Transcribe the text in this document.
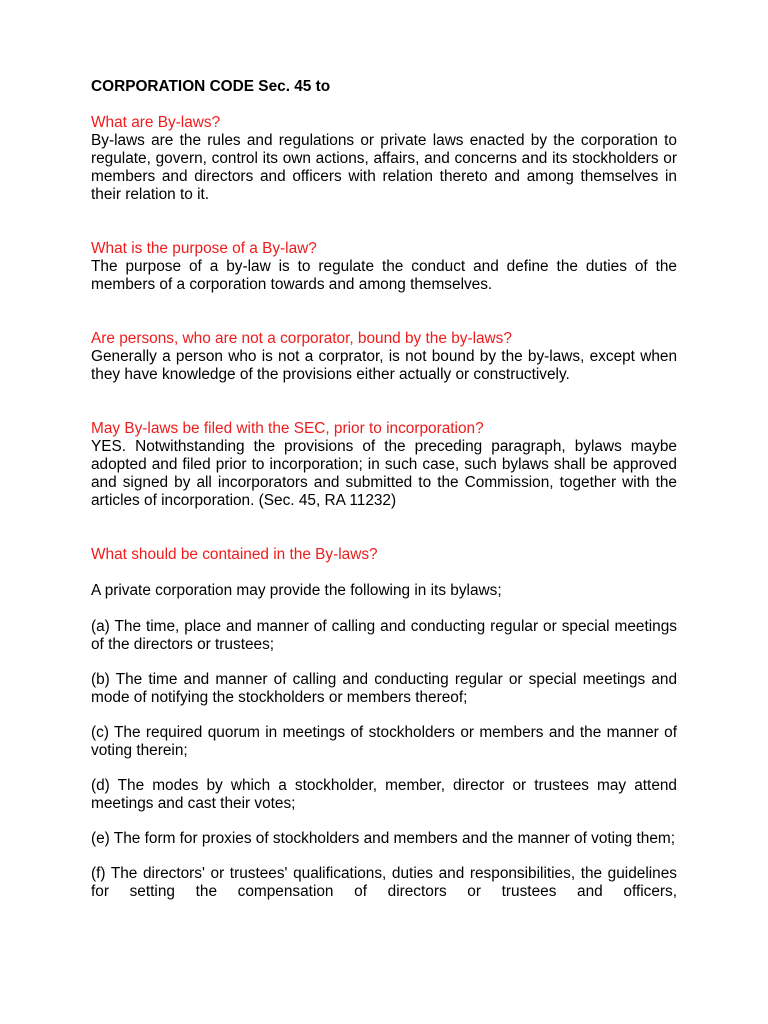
CORPORATION CODE Sec. 45 to

What are By-laws?

By-laws are the rules and regulations or private laws enacted by the corporation to regulate, govern, control its own actions, affairs, and concerns and its stockholders or members and directors and officers with relation thereto and among themselves in their relation to it.

What is the purpose of a By-law?

The purpose of a by-law is to regulate the conduct and define the duties of the members of a corporation towards and among themselves.

Are persons, who are not a corporator, bound by the by-laws?

Generally a person who is not a corprator, is not bound by the by-laws, except when they have knowledge of the provisions either actually or constructively.

May By-laws be filed with the SEC, prior to incorporation?

YES. Notwithstanding the provisions of the preceding paragraph, bylaws maybe adopted and filed prior to incorporation; in such case, such bylaws shall be approved and signed by all incorporators and submitted to the Commission, together with the articles of incorporation. (Sec. 45, RA 11232)

What should be contained in the By-laws?

A private corporation may provide the following in its bylaws;

(a) The time, place and manner of calling and conducting regular or special meetings of the directors or trustees;

(b) The time and manner of calling and conducting regular or special meetings and mode of notifying the stockholders or members thereof;

(c) The required quorum in meetings of stockholders or members and the manner of voting therein;

(d) The modes by which a stockholder, member, director or trustees may attend meetings and cast their votes;

(e) The form for proxies of stockholders and members and the manner of voting them;

(f) The directors' or trustees' qualifications, duties and responsibilities, the guidelines for setting the compensation of directors or trustees and officers,
